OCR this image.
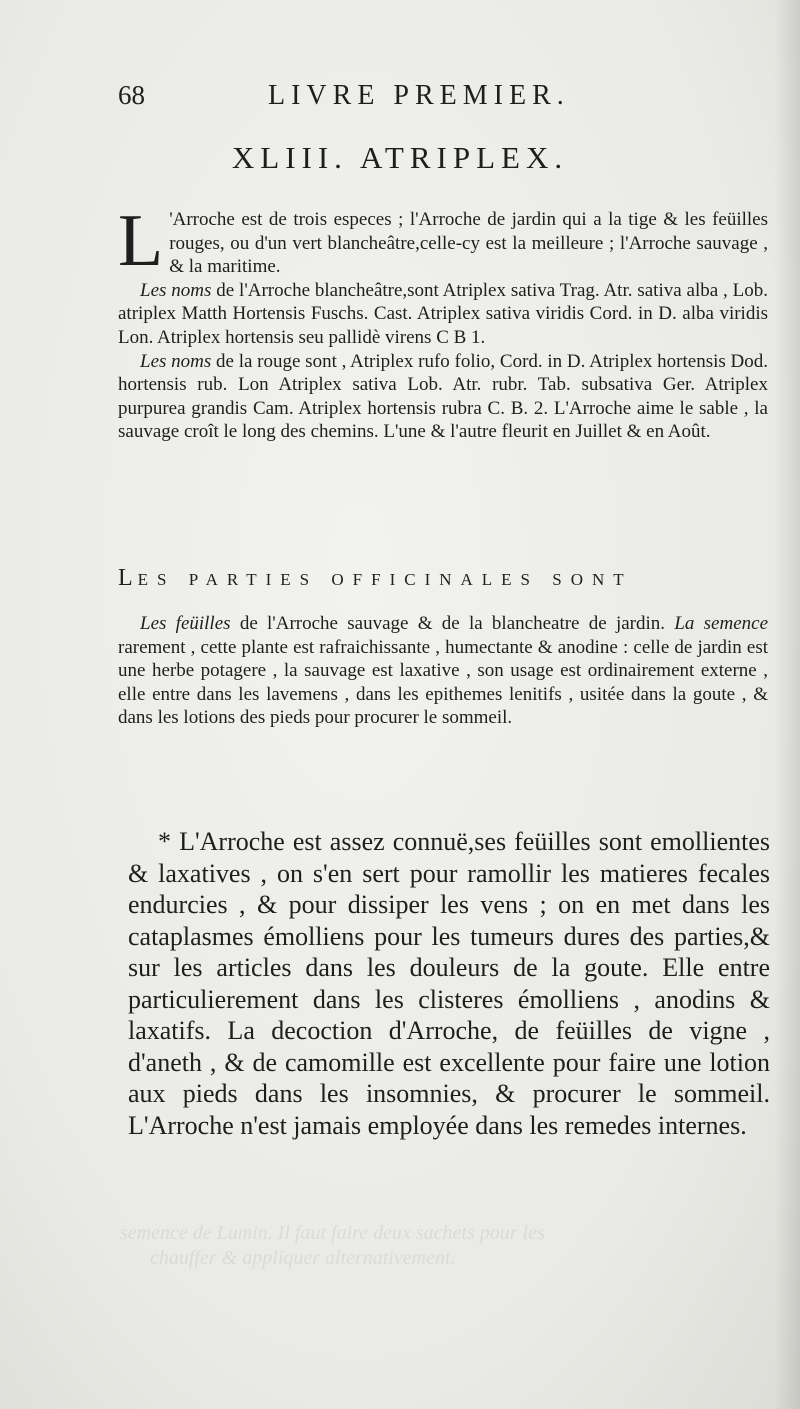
semence de Lumin. Il faut faire deux sachets pour les
chauffer & appliquer alternativement.
68	LIVRE PREMIER.
XLIII. ATRIPLEX.

L 'Arroche est de trois especes ; l'Arroche de jardin qui a la tige & les feüilles rouges, ou d'un vert blancheâtre,celle-cy est la meilleure ; l'Arroche sauvage , & la maritime.

Les noms de l'Arroche blancheâtre,sont Atriplex sativa Trag. Atr. sativa alba , Lob. atriplex Matth Hortensis Fuschs. Cast. Atriplex sativa viridis Cord. in D. alba viridis Lon. Atriplex hortensis seu pallidè virens C B 1.

Les noms de la rouge sont , Atriplex rufo folio, Cord. in D. Atriplex hortensis Dod. hortensis rub. Lon Atriplex sativa Lob. Atr. rubr. Tab. subsativa Ger. Atriplex purpurea grandis Cam. Atriplex hortensis rubra C. B. 2. L'Arroche aime le sable , la sauvage croît le long des chemins. L'une & l'autre fleurit en Juillet & en Août.

LES PARTIES OFFICINALES SONT

Les feüilles de l'Arroche sauvage & de la blancheatre de jardin. La semence rarement , cette plante est rafraichissante , humectante & anodine : celle de jardin est une herbe potagere , la sauvage est laxative , son usage est ordinairement externe , elle entre dans les lavemens , dans les epithemes lenitifs , usitée dans la goute , & dans les lotions des pieds pour procurer le sommeil.

* L'Arroche est assez connuë,ses feüilles sont emollientes & laxatives , on s'en sert pour ramollir les matieres fecales endurcies , & pour dissiper les vens ; on en met dans les cataplasmes émolliens pour les tumeurs dures des parties,& sur les articles dans les douleurs de la goute. Elle entre particulierement dans les clisteres émolliens , anodins & laxatifs. La decoction d'Arroche, de feüilles de vigne , d'aneth , & de camomille est excellente pour faire une lotion aux pieds dans les insomnies, & procurer le sommeil. L'Arroche n'est jamais employée dans les remedes internes.
